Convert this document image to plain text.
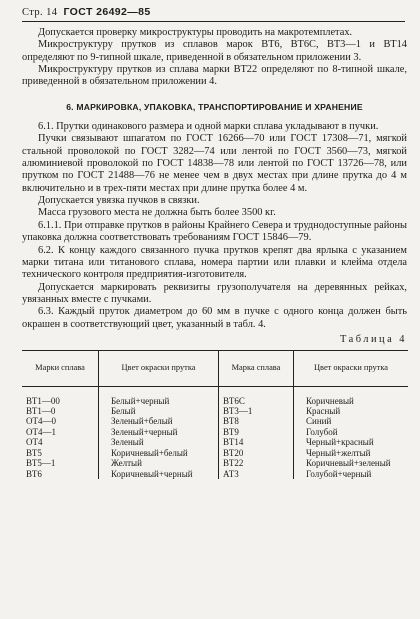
Стр. 14 ГОСТ 26492—85

Допускается проверку микроструктуры проводить на макротемплетах.

Микроструктуру прутков из сплавов марок ВТ6, ВТ6С, ВТ3—1 и ВТ14 определяют по 9-типной шкале, приведенной в обязательном приложении 3.

Микроструктуру прутков из сплава марки ВТ22 определяют по 8-типной шкале, приведенной в обязательном приложении 4.

6. МАРКИРОВКА, УПАКОВКА, ТРАНСПОРТИРОВАНИЕ И ХРАНЕНИЕ

6.1. Прутки одинакового размера и одной марки сплава укладывают в пучки.

Пучки связывают шпагатом по ГОСТ 16266—70 или ГОСТ 17308—71, мягкой стальной проволокой по ГОСТ 3282—74 или лентой по ГОСТ 3560—73, мягкой алюминиевой проволокой по ГОСТ 14838—78 или лентой по ГОСТ 13726—78, или прутком по ГОСТ 21488—76 не менее чем в двух местах при длине прутка до 4 м включительно и в трех-пяти местах при длине прутка более 4 м.

Допускается увязка пучков в связки.

Масса грузового места не должна быть более 3500 кг.

6.1.1. При отправке прутков в районы Крайнего Севера и труднодоступные районы упаковка должна соответствовать требованиям ГОСТ 15846—79.

6.2. К концу каждого связанного пучка прутков крепят два ярлыка с указанием марки титана или титанового сплава, номера партии или плавки и клейма отдела технического контроля предприятия-изготовителя.

Допускается маркировать реквизиты грузополучателя на деревянных рейках, увязанных вместе с пучками.

6.3. Каждый пруток диаметром до 60 мм в пучке с одного конца должен быть окрашен в соответствующий цвет, указанный в табл. 4.

Таблица 4

Марки сплава	Цвет окраски прутка	Марка сплава	Цвет окраски прутка
ВТ1—00	Белый+черный	ВТ6С	Коричневый
ВТ1—0	Белый	ВТ3—1	Красный
ОТ4—0	Зеленый+белый	ВТ8	Синий
ОТ4—1	Зеленый+черный	ВТ9	Голубой
ОТ4	Зеленый	ВТ14	Черный+красный
ВТ5	Коричневый+белый	ВТ20	Черный+желтый
ВТ5—1	Желтый	ВТ22	Коричневый+зеленый
ВТ6	Коричневый+черный	АТ3	Голубой+черный
